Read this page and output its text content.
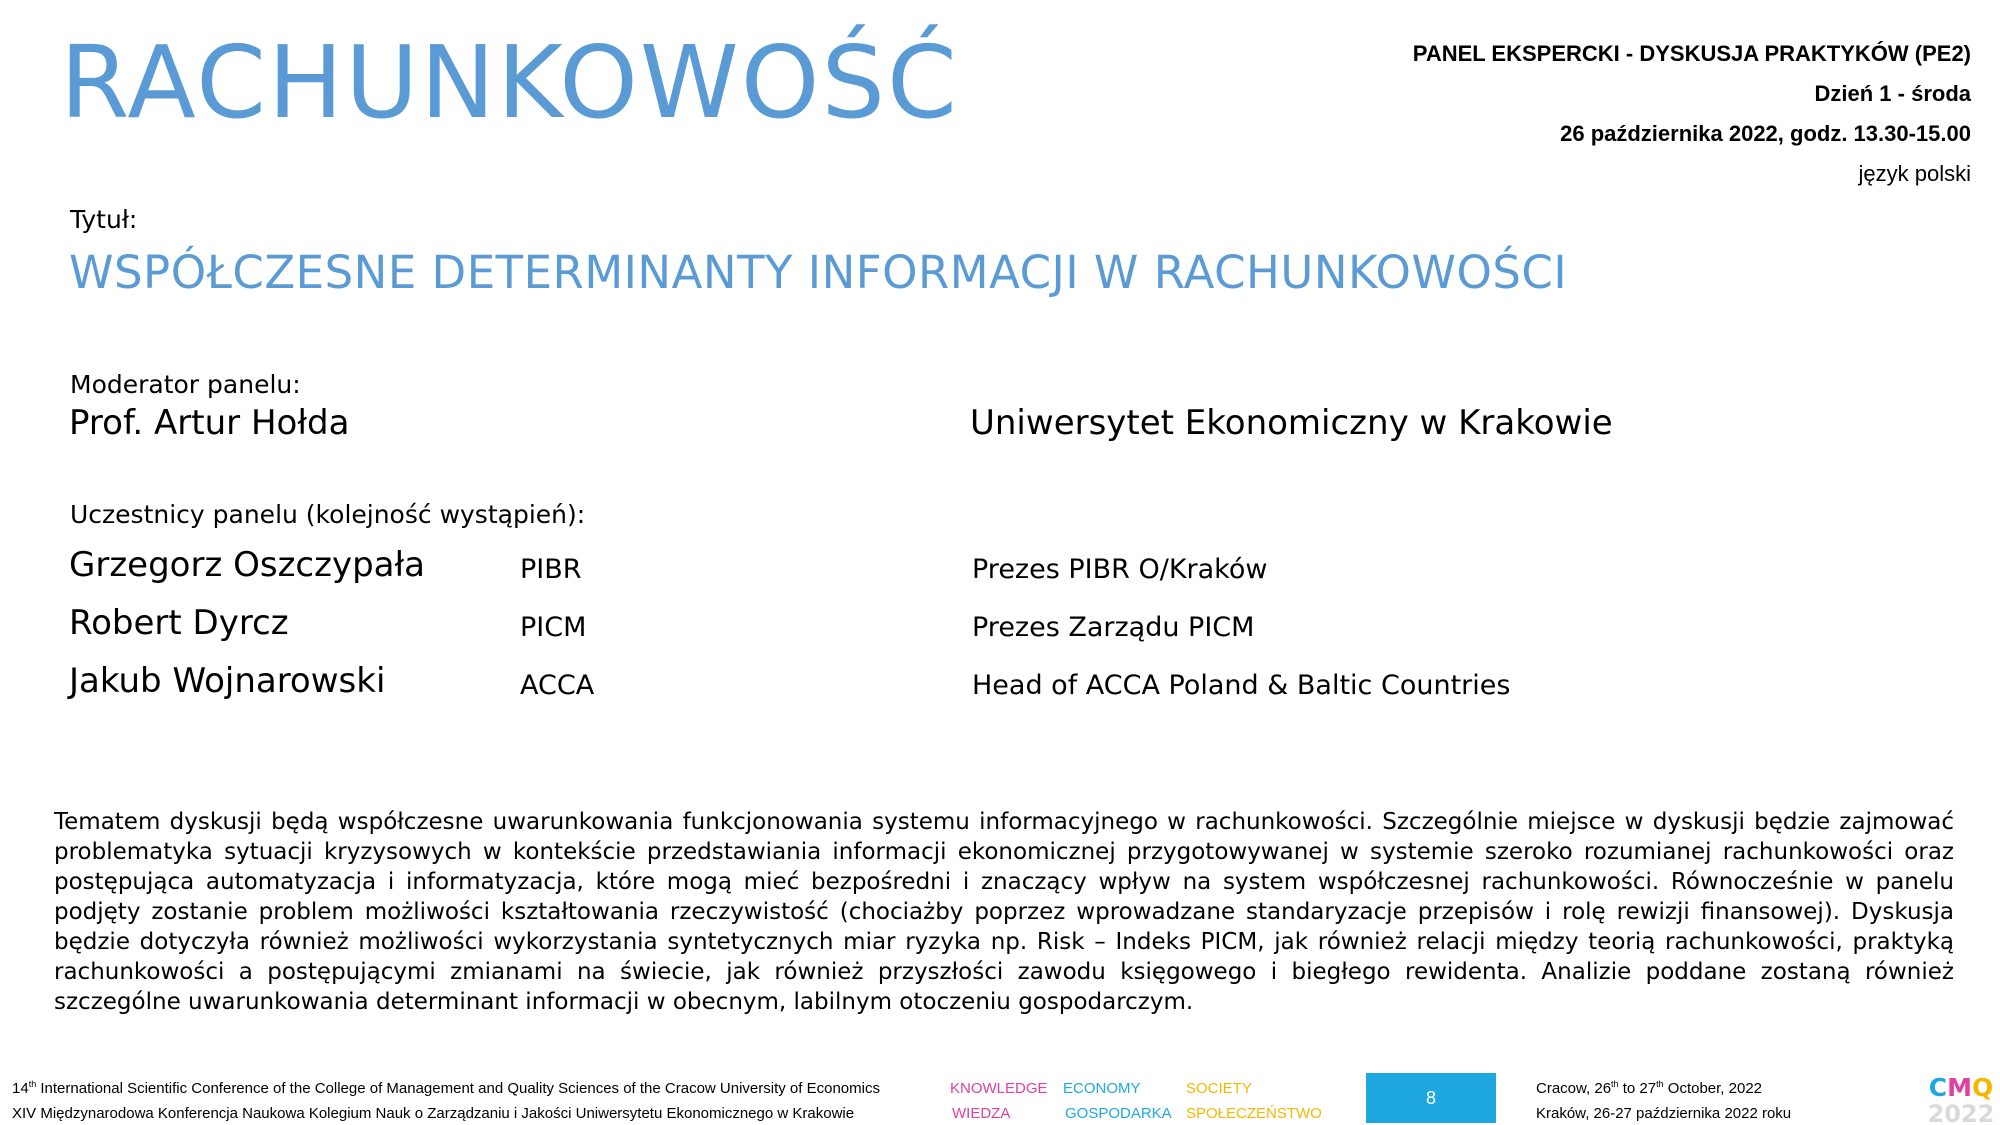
RACHUNKOWOŚĆ	PANEL EKSPERCKI - DYSKUSJA PRAKTYKÓW (PE2)
Dzień 1 - środa
26 października 2022, godz. 13.30-15.00
język polski
Tytuł:
WSPÓŁCZESNE DETERMINANTY INFORMACJI W RACHUNKOWOŚCI
Moderator panelu:
Prof. Artur Hołda	Uniwersytet Ekonomiczny w Krakowie
Uczestnicy panelu (kolejność wystąpień):
Grzegorz Oszczypała	PIBR	Prezes PIBR O/Kraków
Robert Dyrcz	PICM	Prezes Zarządu PICM
Jakub Wojnarowski	ACCA	Head of ACCA Poland & Baltic Countries

Tematem dyskusji będą współczesne uwarunkowania funkcjonowania systemu informacyjnego w rachunkowości. Szczególnie miejsce w dyskusji będzie zajmować problematyka sytuacji kryzysowych w kontekście przedstawiania informacji ekonomicznej przygotowywanej w systemie szeroko rozumianej rachunkowości oraz postępująca automatyzacja i informatyzacja, które mogą mieć bezpośredni i znaczący wpływ na system współczesnej rachunkowości. Równocześnie w panelu podjęty zostanie problem możliwości kształtowania rzeczywistość (chociażby poprzez wprowadzane standaryzacje przepisów i rolę rewizji finansowej). Dyskusja będzie dotyczyła również możliwości wykorzystania syntetycznych miar ryzyka np. Risk – Indeks PICM, jak również relacji między teorią rachunkowości, praktyką rachunkowości a postępującymi zmianami na świecie, jak również przyszłości zawodu księgowego i biegłego rewidenta. Analizie poddane zostaną również szczególne uwarunkowania determinant informacji w obecnym, labilnym otoczeniu gospodarczym.

14th International Scientific Conference of the College of Management and Quality Sciences of the Cracow University of Economics
XIV Międzynarodowa Konferencja Naukowa Kolegium Nauk o Zarządzaniu i Jakości Uniwersytetu Ekonomicznego w Krakowie
KNOWLEDGE ECONOMY	SOCIETY
WIEDZA	GOSPODARKA SPOŁECZEŃSTWO
8	Cracow, 26th to 27th October, 2022
Kraków, 26-27 października 2022 roku
CMQ
2022
